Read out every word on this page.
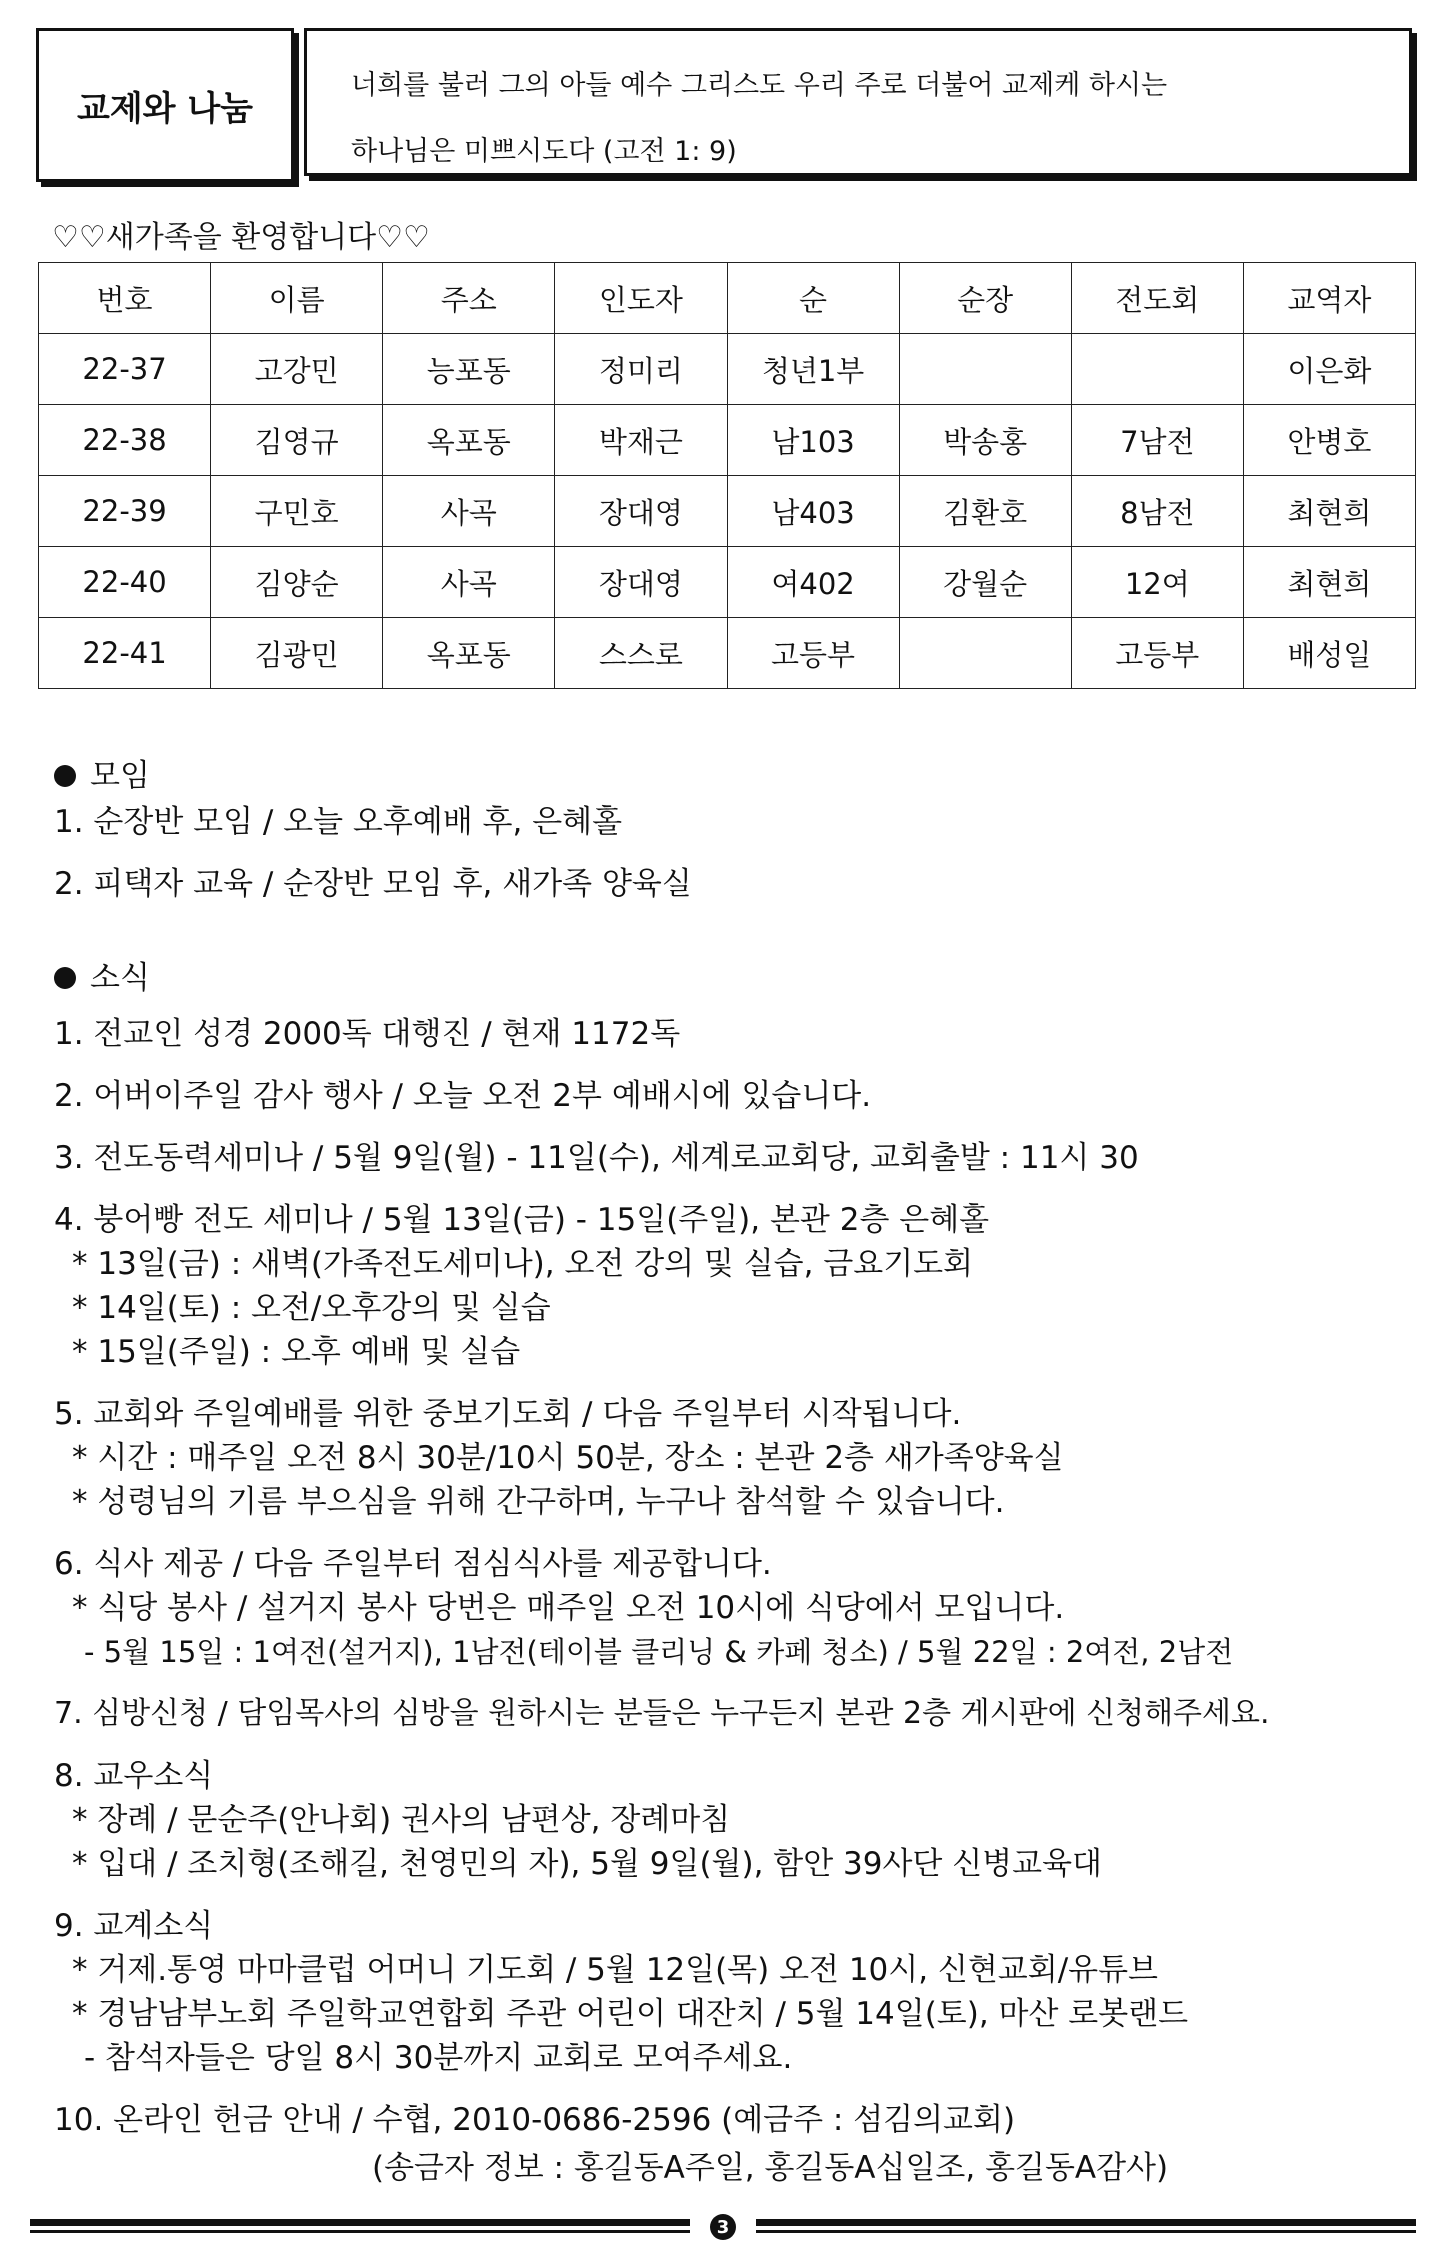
교제와 나눔
너희를 불러 그의 아들 예수 그리스도 우리 주로 더불어 교제케 하시는
하나님은 미쁘시도다 (고전 1: 9)
♡♡새가족을 환영합니다♡♡
번호	이름	주소	인도자	순	순장	전도회	교역자
22-37	고강민	능포동	정미리	청년1부			이은화
22-38	김영규	옥포동	박재근	남103	박송홍	7남전	안병호
22-39	구민호	사곡	장대영	남403	김환호	8남전	최현희
22-40	김양순	사곡	장대영	여402	강월순	12여	최현희
22-41	김광민	옥포동	스스로	고등부		고등부	배성일
모임
1. 순장반 모임 / 오늘 오후예배 후, 은혜홀
2. 피택자 교육 / 순장반 모임 후, 새가족 양육실
소식
1. 전교인 성경 2000독 대행진 / 현재 1172독
2. 어버이주일 감사 행사 / 오늘 오전 2부 예배시에 있습니다.
3. 전도동력세미나 / 5월 9일(월) - 11일(수), 세계로교회당, 교회출발 : 11시 30
4. 붕어빵 전도 세미나 / 5월 13일(금) - 15일(주일), 본관 2층 은혜홀
* 13일(금) : 새벽(가족전도세미나), 오전 강의 및 실습, 금요기도회
* 14일(토) : 오전/오후강의 및 실습
* 15일(주일) : 오후 예배 및 실습
5. 교회와 주일예배를 위한 중보기도회 / 다음 주일부터 시작됩니다.
* 시간 : 매주일 오전 8시 30분/10시 50분, 장소 : 본관 2층 새가족양육실
* 성령님의 기름 부으심을 위해 간구하며, 누구나 참석할 수 있습니다.
6. 식사 제공 / 다음 주일부터 점심식사를 제공합니다.
* 식당 봉사 / 설거지 봉사 당번은 매주일 오전 10시에 식당에서 모입니다.
- 5월 15일 : 1여전(설거지), 1남전(테이블 클리닝 & 카페 청소) / 5월 22일 : 2여전, 2남전
7. 심방신청 / 담임목사의 심방을 원하시는 분들은 누구든지 본관 2층 게시판에 신청해주세요.
8. 교우소식
* 장례 / 문순주(안나회) 권사의 남편상, 장례마침
* 입대 / 조치형(조해길, 천영민의 자), 5월 9일(월), 함안 39사단 신병교육대
9. 교계소식
* 거제.통영 마마클럽 어머니 기도회 / 5월 12일(목) 오전 10시, 신현교회/유튜브
* 경남남부노회 주일학교연합회 주관 어린이 대잔치 / 5월 14일(토), 마산 로봇랜드
- 참석자들은 당일 8시 30분까지 교회로 모여주세요.
10. 온라인 헌금 안내 / 수협, 2010-0686-2596 (예금주 : 섬김의교회)
(송금자 정보 : 홍길동A주일, 홍길동A십일조, 홍길동A감사)
3
